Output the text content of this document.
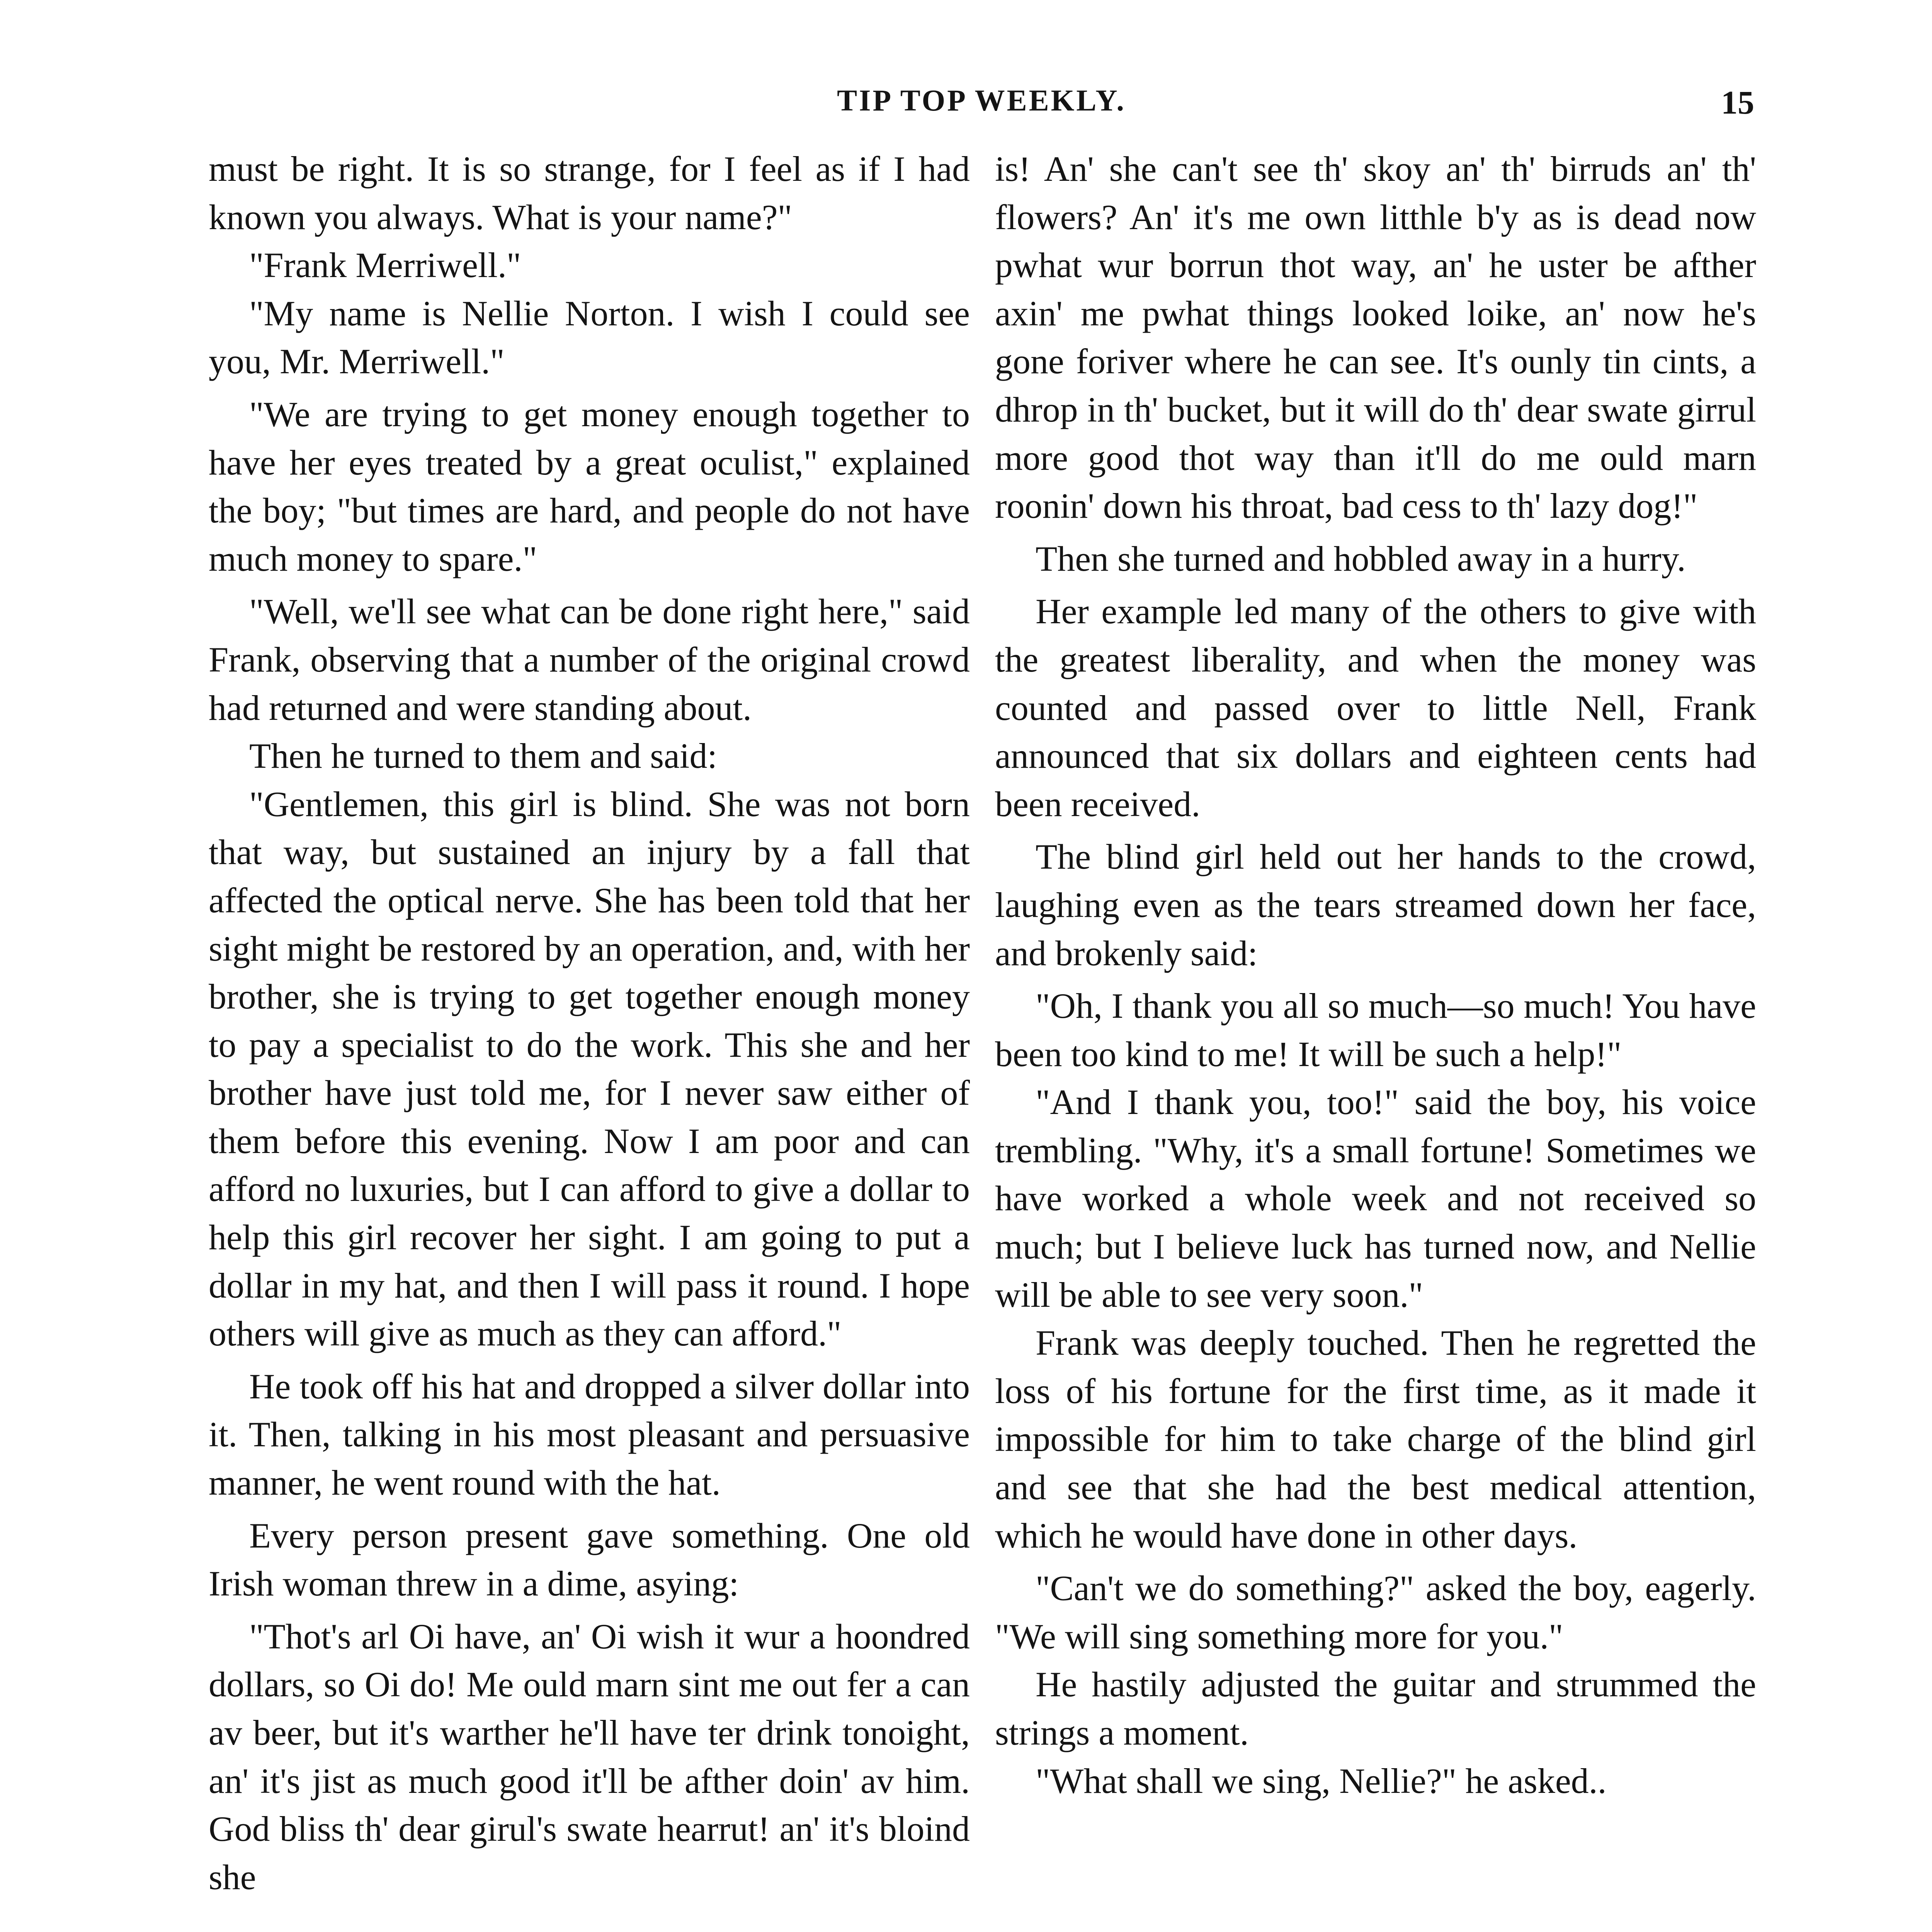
TIP TOP WEEKLY.	15

must be right. It is so strange, for I feel as if I had known you always. What is your name?"

"Frank Merriwell."

"My name is Nellie Norton. I wish I could see you, Mr. Merriwell."

"We are trying to get money enough together to have her eyes treated by a great oculist," explained the boy; "but times are hard, and people do not have much money to spare."

"Well, we'll see what can be done right here," said Frank, observing that a number of the original crowd had returned and were standing about.

Then he turned to them and said:

"Gentlemen, this girl is blind. She was not born that way, but sustained an injury by a fall that affected the optical nerve. She has been told that her sight might be restored by an operation, and, with her brother, she is trying to get together enough money to pay a specialist to do the work. This she and her brother have just told me, for I never saw either of them before this evening. Now I am poor and can afford no luxuries, but I can afford to give a dollar to help this girl recover her sight. I am going to put a dollar in my hat, and then I will pass it round. I hope others will give as much as they can afford."

He took off his hat and dropped a silver dollar into it. Then, talking in his most pleasant and persuasive manner, he went round with the hat.

Every person present gave something. One old Irish woman threw in a dime, asying:

"Thot's arl Oi have, an' Oi wish it wur a hoondred dollars, so Oi do! Me ould marn sint me out fer a can av beer, but it's warther he'll have ter drink tonoight, an' it's jist as much good it'll be afther doin' av him. God bliss th' dear girul's swate hearrut! an' it's bloind she

is! An' she can't see th' skoy an' th' birruds an' th' flowers? An' it's me own litthle b'y as is dead now pwhat wur borrun thot way, an' he uster be afther axin' me pwhat things looked loike, an' now he's gone foriver where he can see. It's ounly tin cints, a dhrop in th' bucket, but it will do th' dear swate girrul more good thot way than it'll do me ould marn roonin' down his throat, bad cess to th' lazy dog!"

Then she turned and hobbled away in a hurry.

Her example led many of the others to give with the greatest liberality, and when the money was counted and passed over to little Nell, Frank announced that six dollars and eighteen cents had been received.

The blind girl held out her hands to the crowd, laughing even as the tears streamed down her face, and brokenly said:

"Oh, I thank you all so much—so much! You have been too kind to me! It will be such a help!"

"And I thank you, too!" said the boy, his voice trembling. "Why, it's a small fortune! Sometimes we have worked a whole week and not received so much; but I believe luck has turned now, and Nellie will be able to see very soon."

Frank was deeply touched. Then he regretted the loss of his fortune for the first time, as it made it impossible for him to take charge of the blind girl and see that she had the best medical attention, which he would have done in other days.

"Can't we do something?" asked the boy, eagerly. "We will sing something more for you."

He hastily adjusted the guitar and strummed the strings a moment.

"What shall we sing, Nellie?" he asked..
